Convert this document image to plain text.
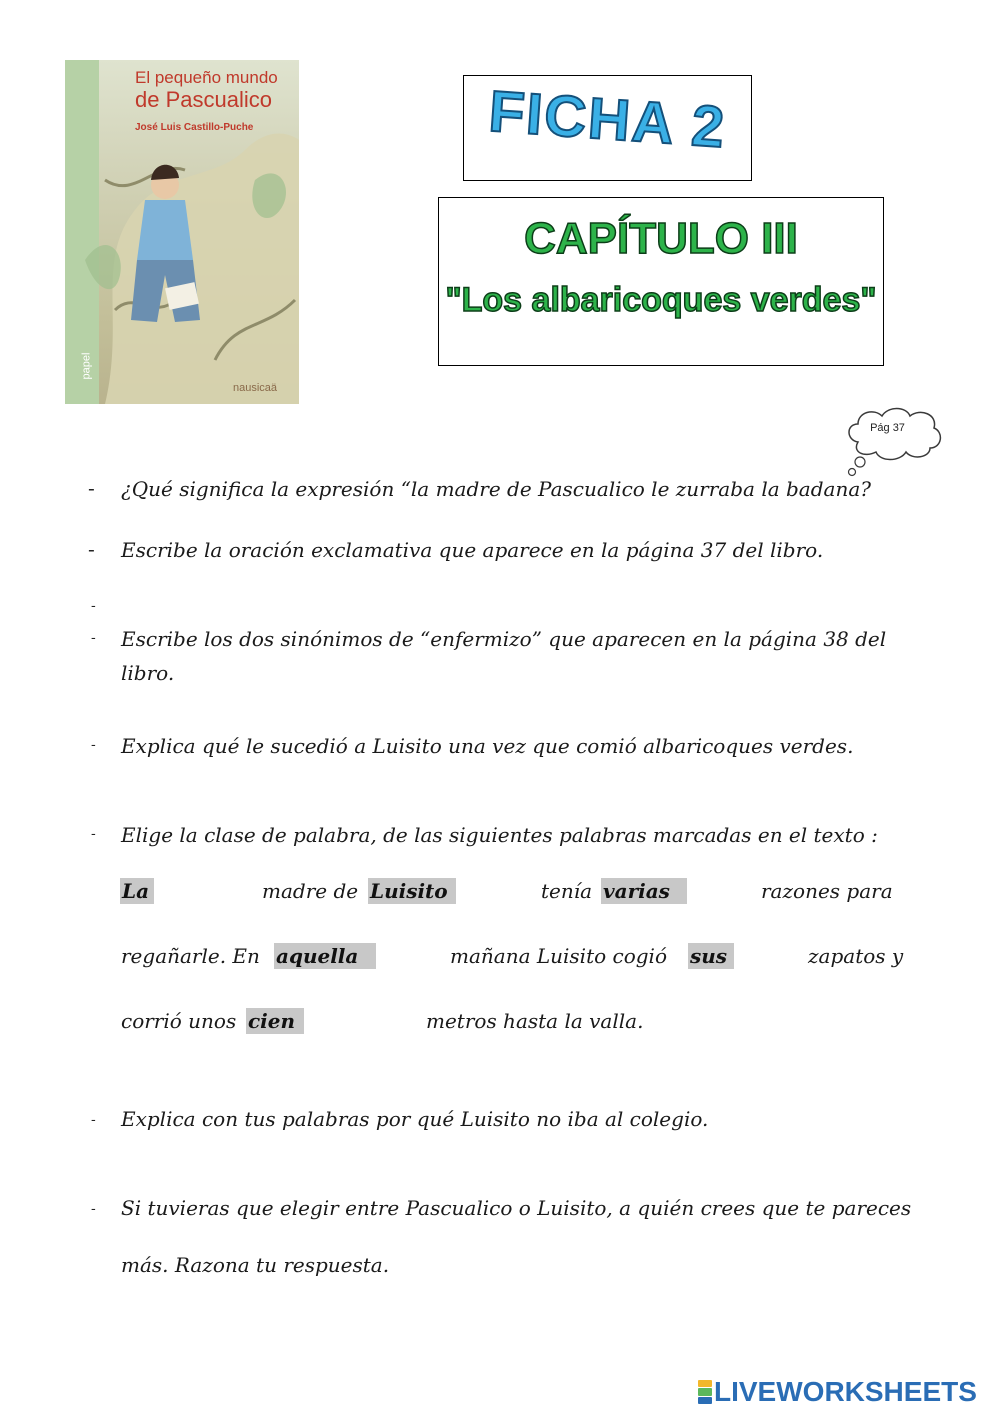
El pequeño mundo
de Pascualico
José Luis Castillo-Puche
papel
nausicaä
FICHA 2
CAPÍTULO III
"Los albaricoques verdes"
Pág 37
- ¿Qué significa la expresión “la madre de Pascualico le zurraba la badana?
- Escribe la oración exclamativa que aparece en la página 37 del libro.
-
- Escribe los dos sinónimos de “enfermizo” que aparecen en la página 38 del libro.
- Explica qué le sucedió a Luisito una vez que comió albaricoques verdes.
- Elige la clase de palabra, de las siguientes palabras marcadas en el texto :
La	madre de Luisito	tenía varias	razones para
regañarle. En aquella	mañana Luisito cogió sus	zapatos y
corrió unos cien	metros hasta la valla.
- Explica con tus palabras por qué Luisito no iba al colegio.
- Si tuvieras que elegir entre Pascualico o Luisito, a quién crees que te pareces
más. Razona tu respuesta.
LIVEWORKSHEETS
